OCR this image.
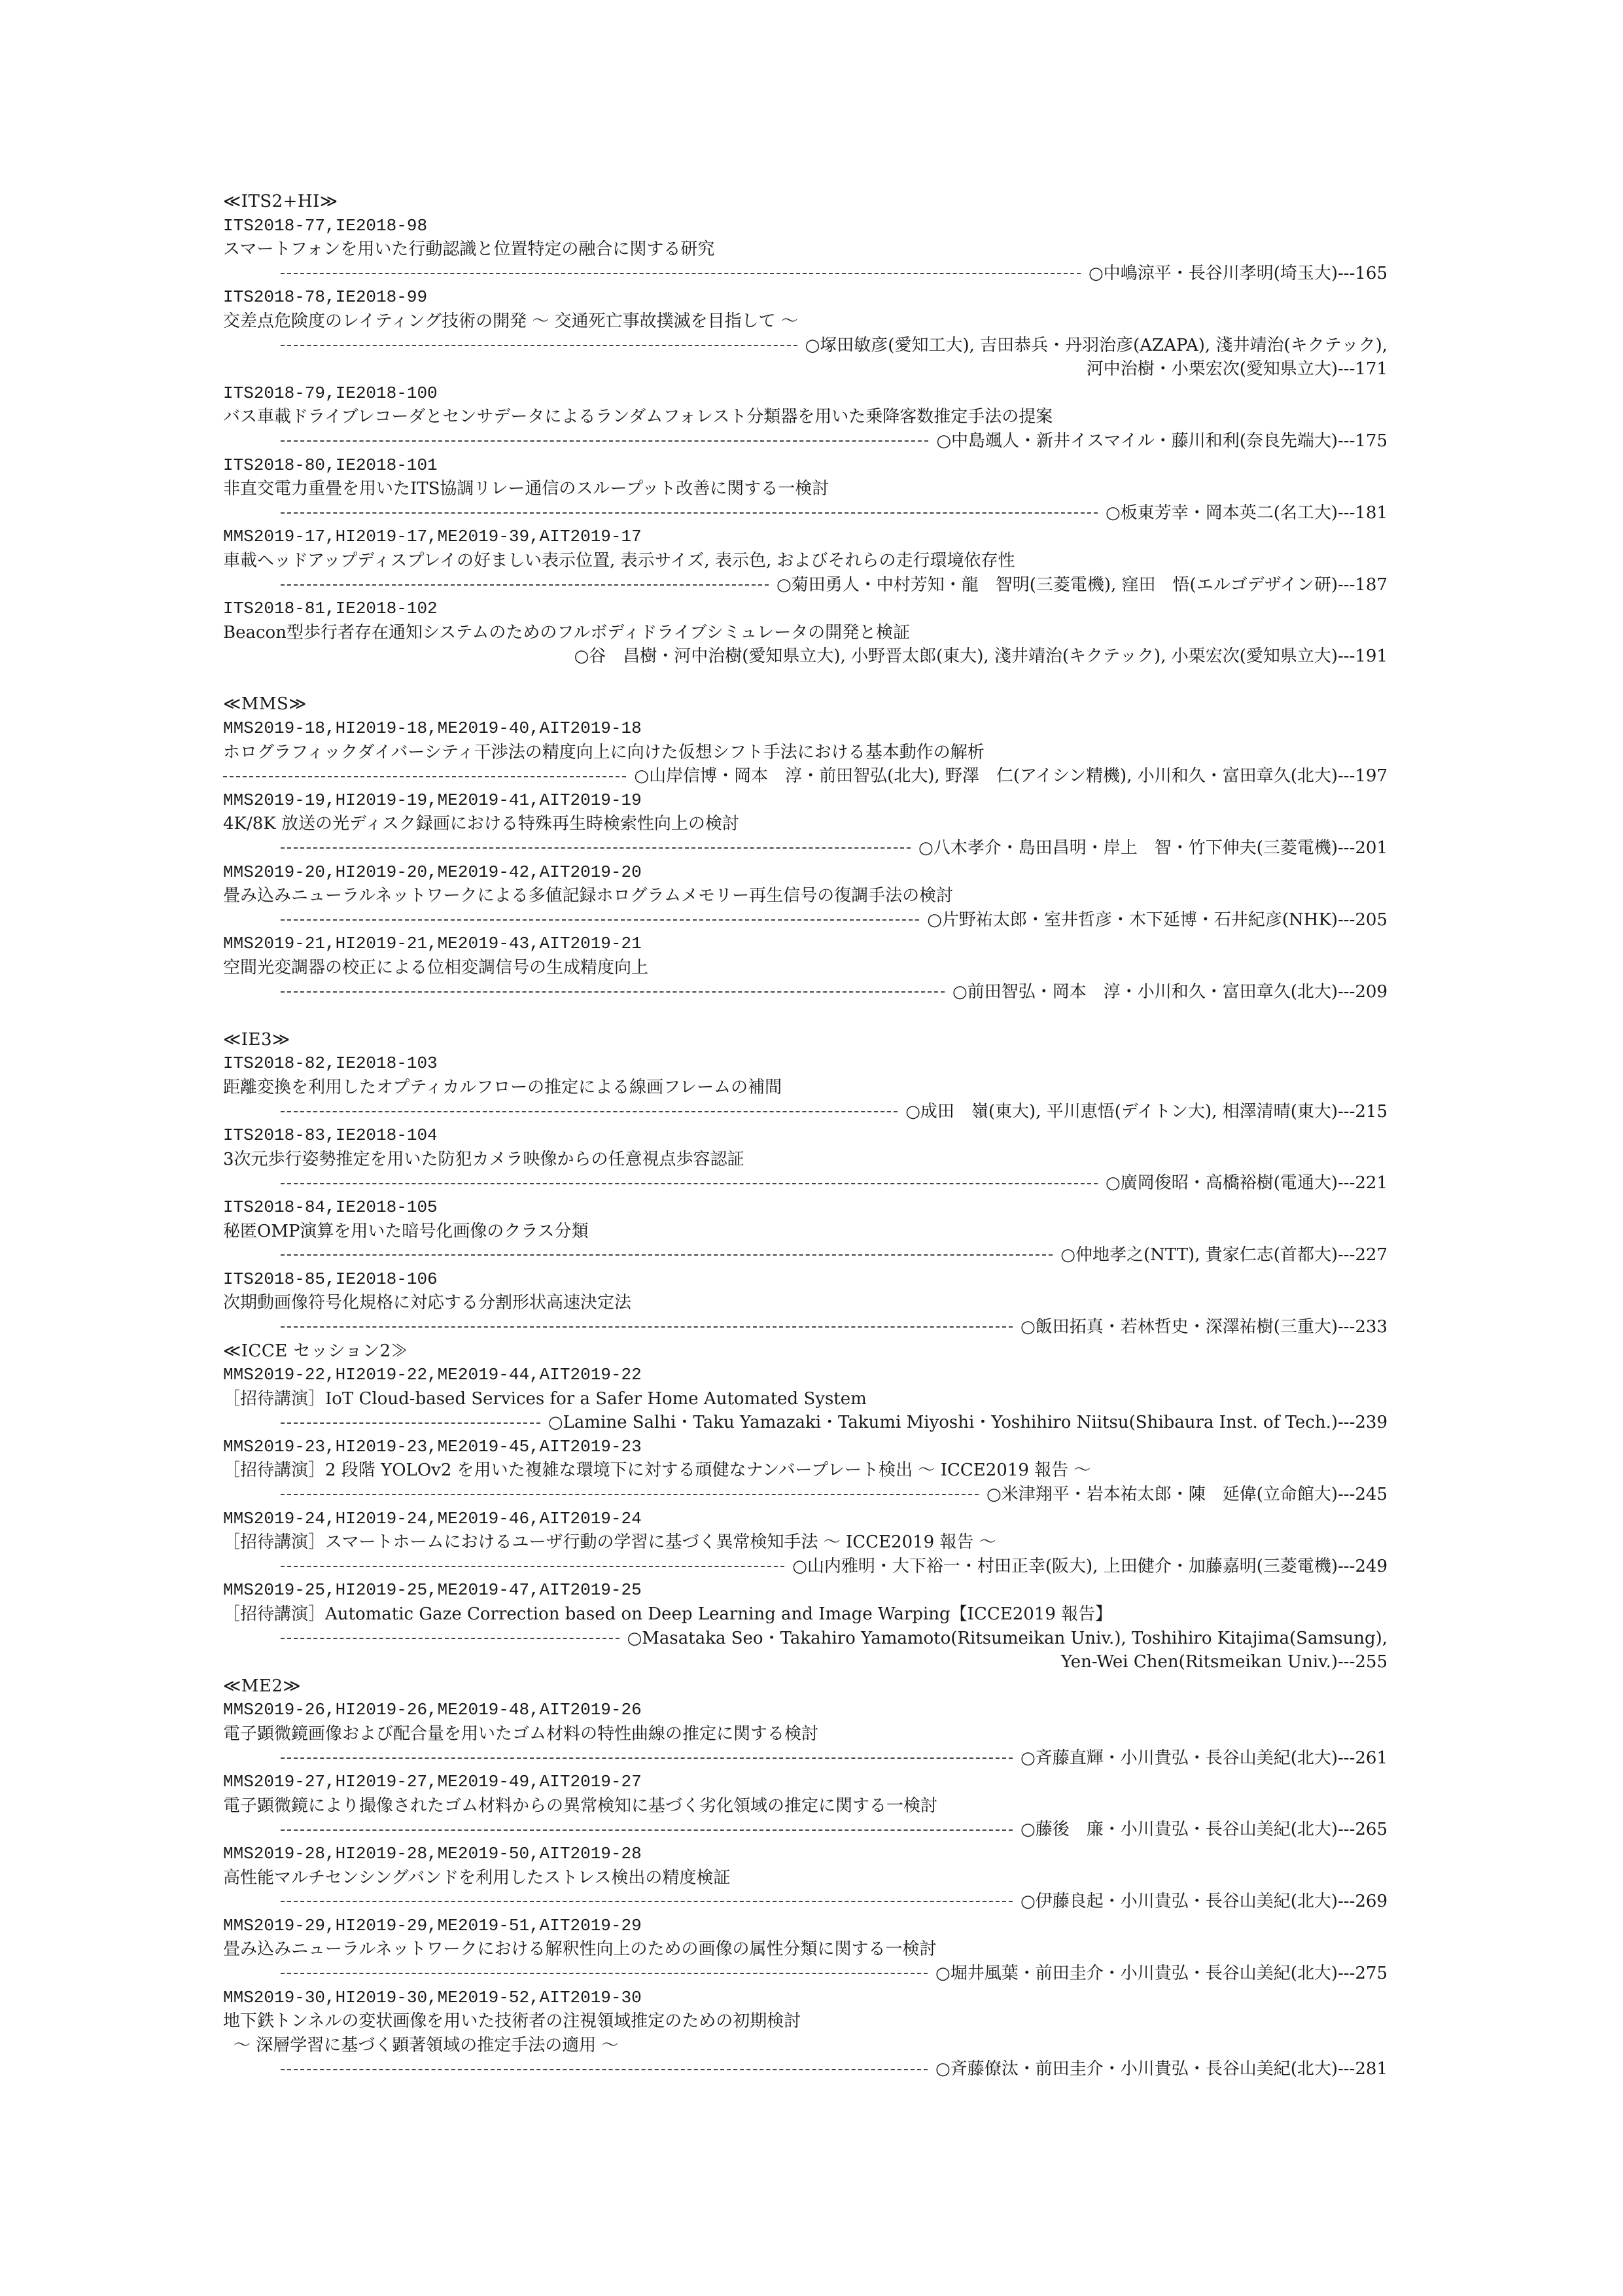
≪ITS2+HI≫
ITS2018-77,IE2018-98
スマートフォンを用いた行動認識と位置特定の融合に関する研究
○中嶋涼平・長谷川孝明(埼玉大)---165
ITS2018-78,IE2018-99
交差点危険度のレイティング技術の開発 〜 交通死亡事故撲滅を目指して 〜
○塚田敏彦(愛知工大), 吉田恭兵・丹羽治彦(AZAPA), 淺井靖治(キクテック),
河中治樹・小栗宏次(愛知県立大)---171
ITS2018-79,IE2018-100
バス車載ドライブレコーダとセンサデータによるランダムフォレスト分類器を用いた乗降客数推定手法の提案
○中島颯人・新井イスマイル・藤川和利(奈良先端大)---175
ITS2018-80,IE2018-101
非直交電力重畳を用いたITS協調リレー通信のスループット改善に関する一検討
○板東芳幸・岡本英二(名工大)---181
MMS2019-17,HI2019-17,ME2019-39,AIT2019-17
車載ヘッドアップディスプレイの好ましい表示位置, 表示サイズ, 表示色, およびそれらの走行環境依存性
○菊田勇人・中村芳知・龍　智明(三菱電機), 窪田　悟(エルゴデザイン研)---187
ITS2018-81,IE2018-102
Beacon型歩行者存在通知システムのためのフルボディドライブシミュレータの開発と検証
○谷　昌樹・河中治樹(愛知県立大), 小野晋太郎(東大), 淺井靖治(キクテック), 小栗宏次(愛知県立大)---191
≪MMS≫
MMS2019-18,HI2019-18,ME2019-40,AIT2019-18
ホログラフィックダイバーシティ干渉法の精度向上に向けた仮想シフト手法における基本動作の解析
○山岸信博・岡本　淳・前田智弘(北大), 野澤　仁(アイシン精機), 小川和久・富田章久(北大)---197
MMS2019-19,HI2019-19,ME2019-41,AIT2019-19
4K/8K 放送の光ディスク録画における特殊再生時検索性向上の検討
○八木孝介・島田昌明・岸上　智・竹下伸夫(三菱電機)---201
MMS2019-20,HI2019-20,ME2019-42,AIT2019-20
畳み込みニューラルネットワークによる多値記録ホログラムメモリー再生信号の復調手法の検討
○片野祐太郎・室井哲彦・木下延博・石井紀彦(NHK)---205
MMS2019-21,HI2019-21,ME2019-43,AIT2019-21
空間光変調器の校正による位相変調信号の生成精度向上
○前田智弘・岡本　淳・小川和久・富田章久(北大)---209
≪IE3≫
ITS2018-82,IE2018-103
距離変換を利用したオプティカルフローの推定による線画フレームの補間
○成田　嶺(東大), 平川恵悟(デイトン大), 相澤清晴(東大)---215
ITS2018-83,IE2018-104
3次元歩行姿勢推定を用いた防犯カメラ映像からの任意視点歩容認証
○廣岡俊昭・高橋裕樹(電通大)---221
ITS2018-84,IE2018-105
秘匿OMP演算を用いた暗号化画像のクラス分類
○仲地孝之(NTT), 貴家仁志(首都大)---227
ITS2018-85,IE2018-106
次期動画像符号化規格に対応する分割形状高速決定法
○飯田拓真・若林哲史・深澤祐樹(三重大)---233
≪ICCE セッション2≫
MMS2019-22,HI2019-22,ME2019-44,AIT2019-22
［招待講演］IoT Cloud-based Services for a Safer Home Automated System
○Lamine Salhi・Taku Yamazaki・Takumi Miyoshi・Yoshihiro Niitsu(Shibaura Inst. of Tech.)---239
MMS2019-23,HI2019-23,ME2019-45,AIT2019-23
［招待講演］2 段階 YOLOv2 を用いた複雑な環境下に対する頑健なナンバープレート検出 〜 ICCE2019 報告 〜
○米津翔平・岩本祐太郎・陳　延偉(立命館大)---245
MMS2019-24,HI2019-24,ME2019-46,AIT2019-24
［招待講演］スマートホームにおけるユーザ行動の学習に基づく異常検知手法 〜 ICCE2019 報告 〜
○山内雅明・大下裕一・村田正幸(阪大), 上田健介・加藤嘉明(三菱電機)---249
MMS2019-25,HI2019-25,ME2019-47,AIT2019-25
［招待講演］Automatic Gaze Correction based on Deep Learning and Image Warping【ICCE2019 報告】
○Masataka Seo・Takahiro Yamamoto(Ritsumeikan Univ.), Toshihiro Kitajima(Samsung),
Yen-Wei Chen(Ritsmeikan Univ.)---255
≪ME2≫
MMS2019-26,HI2019-26,ME2019-48,AIT2019-26
電子顕微鏡画像および配合量を用いたゴム材料の特性曲線の推定に関する検討
○斉藤直輝・小川貴弘・長谷山美紀(北大)---261
MMS2019-27,HI2019-27,ME2019-49,AIT2019-27
電子顕微鏡により撮像されたゴム材料からの異常検知に基づく劣化領域の推定に関する一検討
○藤後　廉・小川貴弘・長谷山美紀(北大)---265
MMS2019-28,HI2019-28,ME2019-50,AIT2019-28
高性能マルチセンシングバンドを利用したストレス検出の精度検証
○伊藤良起・小川貴弘・長谷山美紀(北大)---269
MMS2019-29,HI2019-29,ME2019-51,AIT2019-29
畳み込みニューラルネットワークにおける解釈性向上のための画像の属性分類に関する一検討
○堀井風葉・前田圭介・小川貴弘・長谷山美紀(北大)---275
MMS2019-30,HI2019-30,ME2019-52,AIT2019-30
地下鉄トンネルの変状画像を用いた技術者の注視領域推定のための初期検討
〜 深層学習に基づく顕著領域の推定手法の適用 〜
○斉藤僚汰・前田圭介・小川貴弘・長谷山美紀(北大)---281
